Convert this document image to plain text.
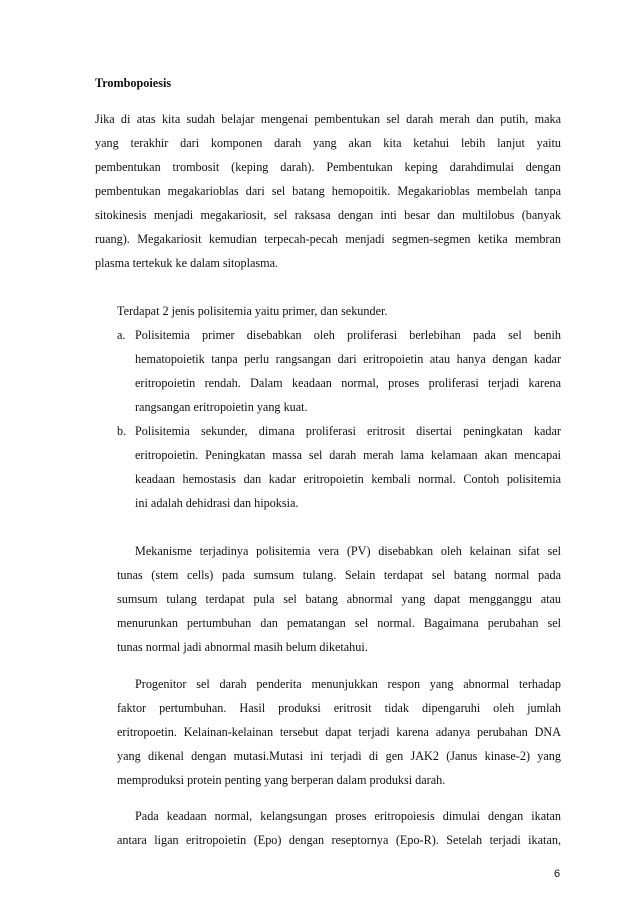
Trombopoiesis
Jika di atas kita sudah belajar mengenai pembentukan sel darah merah dan putih, maka
yang terakhir dari komponen darah yang akan kita ketahui lebih lanjut yaitu
pembentukan trombosit (keping darah). Pembentukan keping darahdimulai dengan
pembentukan megakarioblas dari sel batang hemopoitik. Megakarioblas membelah tanpa
sitokinesis menjadi megakariosit, sel raksasa dengan inti besar dan multilobus (banyak
ruang). Megakariosit kemudian terpecah-pecah menjadi segmen-segmen ketika membran
plasma tertekuk ke dalam sitoplasma.
Terdapat 2 jenis polisitemia yaitu primer, dan sekunder.
a. Polisitemia primer disebabkan oleh proliferasi berlebihan pada sel benih
hematopoietik tanpa perlu rangsangan dari eritropoietin atau hanya dengan kadar
eritropoietin rendah. Dalam keadaan normal, proses proliferasi terjadi karena
rangsangan eritropoietin yang kuat.
b. Polisitemia sekunder, dimana proliferasi eritrosit disertai peningkatan kadar
eritropoietin. Peningkatan massa sel darah merah lama kelamaan akan mencapai
keadaan hemostasis dan kadar eritropoietin kembali normal. Contoh polisitemia
ini adalah dehidrasi dan hipoksia.
Mekanisme terjadinya polisitemia vera (PV) disebabkan oleh kelainan sifat sel
tunas (stem cells) pada sumsum tulang. Selain terdapat sel batang normal pada
sumsum tulang terdapat pula sel batang abnormal yang dapat mengganggu atau
menurunkan pertumbuhan dan pematangan sel normal. Bagaimana perubahan sel
tunas normal jadi abnormal masih belum diketahui.
Progenitor sel darah penderita menunjukkan respon yang abnormal terhadap
faktor pertumbuhan. Hasil produksi eritrosit tidak dipengaruhi oleh jumlah
eritropoetin. Kelainan-kelainan tersebut dapat terjadi karena adanya perubahan DNA
yang dikenal dengan mutasi.Mutasi ini terjadi di gen JAK2 (Janus kinase-2) yang
memproduksi protein penting yang berperan dalam produksi darah.
Pada keadaan normal, kelangsungan proses eritropoiesis dimulai dengan ikatan
antara ligan eritropoietin (Epo) dengan reseptornya (Epo-R). Setelah terjadi ikatan,
6
